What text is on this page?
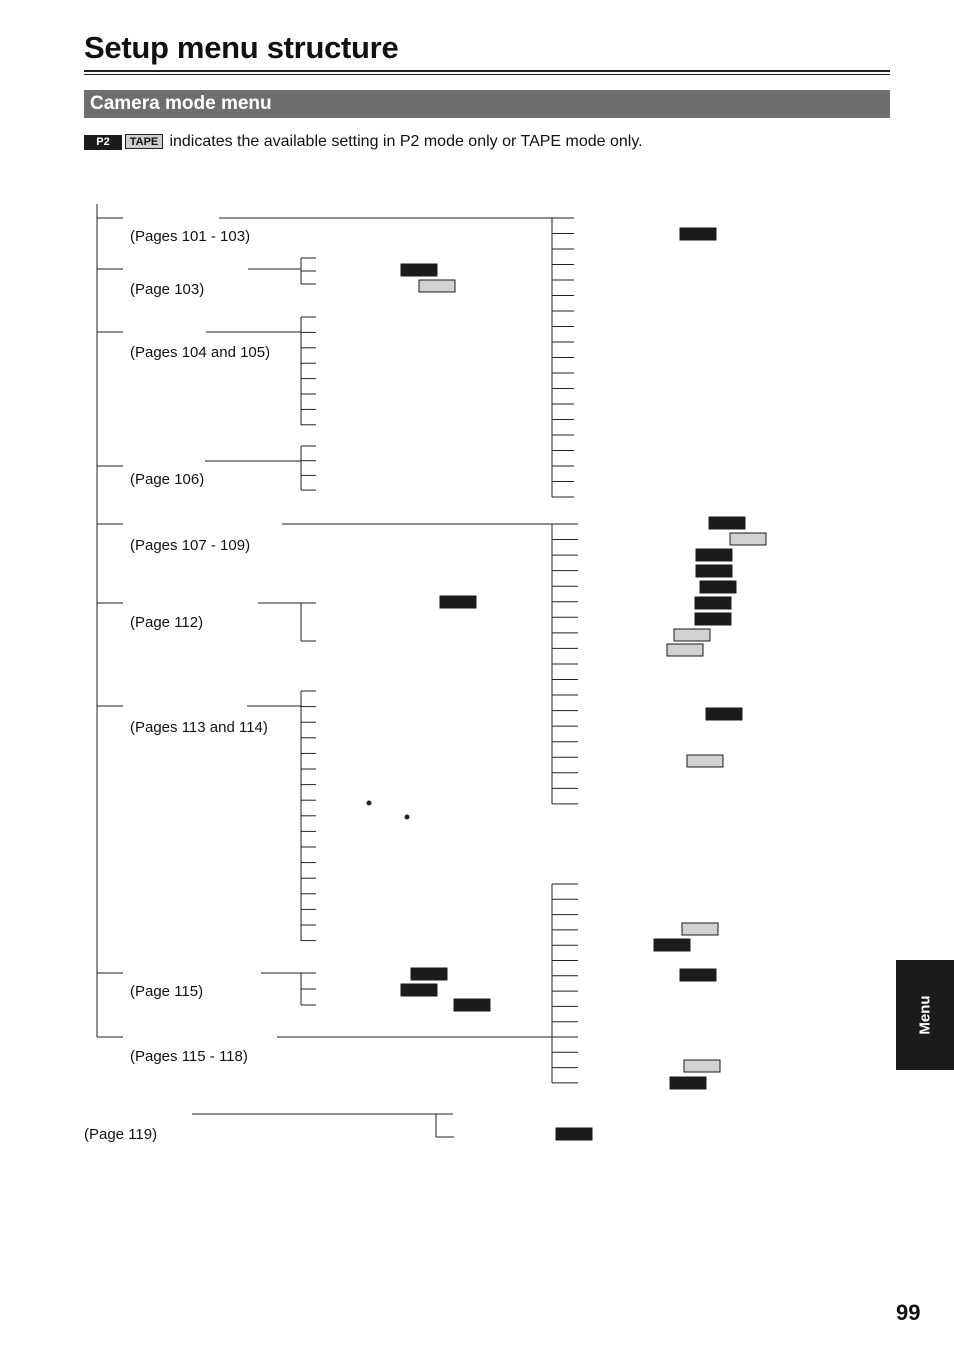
Setup menu structure
Camera mode menu
P2 TAPE indicates the available setting in P2 mode only or TAPE mode only.
(Pages 101 - 103)
(Page 103)
(Pages 104 and 105)
(Page 106)
(Pages 107 - 109)
(Page 112)
(Pages 113 and 114)
(Page 115)
(Pages 115 - 118)
(Page 119)
Menu
99
